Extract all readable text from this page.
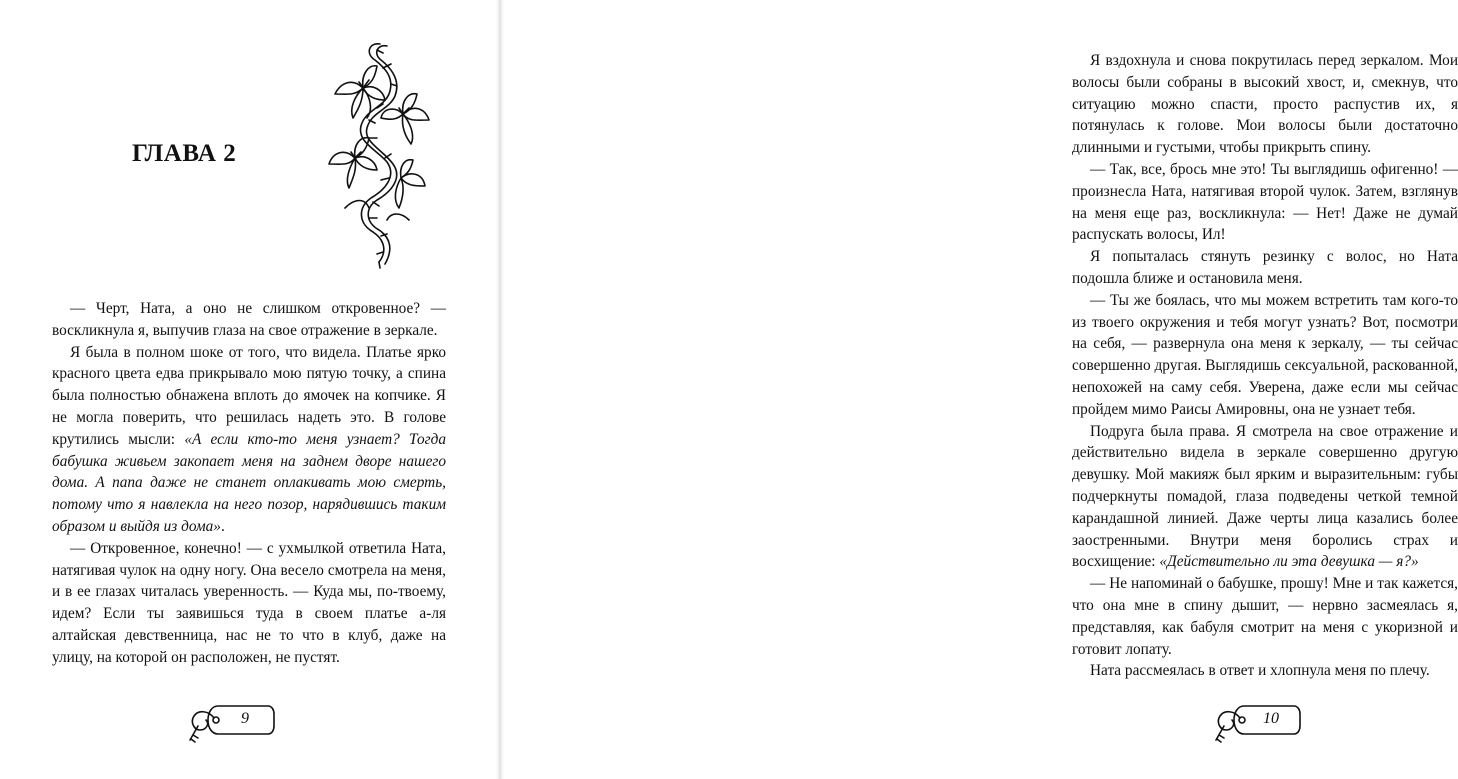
ГЛАВА 2

— Черт, Ната, а оно не слишком откровенное? — воскликнула я, выпучив глаза на свое отражение в зеркале.

Я была в полном шоке от того, что видела. Платье ярко красного цвета едва прикрывало мою пятую точку, а спина была полностью обнажена вплоть до ямочек на копчике. Я не могла поверить, что решилась надеть это. В голове крутились мысли: «А если кто-то меня узнает? Тогда бабушка живьем закопает меня на заднем дворе нашего дома. А папа даже не станет оплакивать мою смерть, потому что я навлекла на него позор, нарядившись таким образом и выйдя из дома».

— Откровенное, конечно! — с ухмылкой ответила Ната, натягивая чулок на одну ногу. Она весело смотрела на меня, и в ее глазах читалась уверенность. — Куда мы, по-твоему, идем? Если ты заявишься туда в своем платье а-ля алтайская девственница, нас не то что в клуб, даже на улицу, на которой он расположен, не пустят.

9

Я вздохнула и снова покрутилась перед зеркалом. Мои волосы были собраны в высокий хвост, и, смекнув, что ситуацию можно спасти, просто распустив их, я потянулась к голове. Мои волосы были достаточно длинными и густыми, чтобы прикрыть спину.

— Так, все, брось мне это! Ты выглядишь офигенно! — произнесла Ната, натягивая второй чулок. Затем, взглянув на меня еще раз, воскликнула: — Нет! Даже не думай распускать волосы, Ил!

Я попыталась стянуть резинку с волос, но Ната подошла ближе и остановила меня.

— Ты же боялась, что мы можем встретить там кого-то из твоего окружения и тебя могут узнать? Вот, посмотри на себя, — развернула она меня к зеркалу, — ты сейчас совершенно другая. Выглядишь сексуальной, раскованной, непохожей на саму себя. Уверена, даже если мы сейчас пройдем мимо Раисы Амировны, она не узнает тебя.

Подруга была права. Я смотрела на свое отражение и действительно видела в зеркале совершенно другую девушку. Мой макияж был ярким и выразительным: губы подчеркнуты помадой, глаза подведены четкой темной карандашной линией. Даже черты лица казались более заостренными. Внутри меня боролись страх и восхищение: «Действительно ли эта девушка — я?»

— Не напоминай о бабушке, прошу! Мне и так кажется, что она мне в спину дышит, — нервно засмеялась я, представляя, как бабуля смотрит на меня с укоризной и готовит лопату.

Ната рассмеялась в ответ и хлопнула меня по плечу.

10
